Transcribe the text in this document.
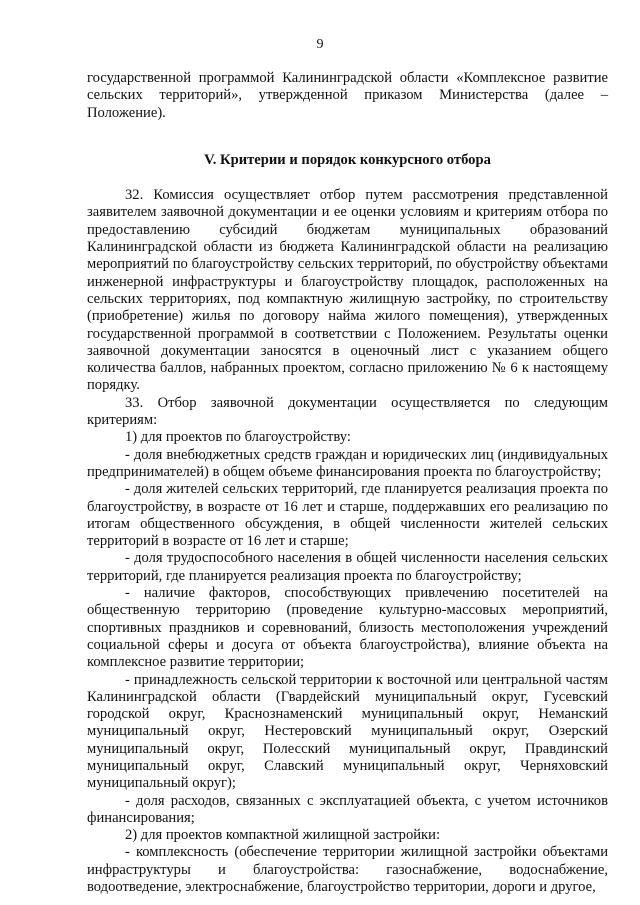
9

государственной программой Калининградской области «Комплексное развитие сельских территорий», утвержденной приказом Министерства (далее – Положение).

V. Критерии и порядок конкурсного отбора

32. Комиссия осуществляет отбор путем рассмотрения представленной заявителем заявочной документации и ее оценки условиям и критериям отбора по предоставлению субсидий бюджетам муниципальных образований Калининградской области из бюджета Калининградской области на реализацию мероприятий по благоустройству сельских территорий, по обустройству объектами инженерной инфраструктуры и благоустройству площадок, расположенных на сельских территориях, под компактную жилищную застройку, по строительству (приобретение) жилья по договору найма жилого помещения), утвержденных государственной программой в соответствии с Положением. Результаты оценки заявочной документации заносятся в оценочный лист с указанием общего количества баллов, набранных проектом, согласно приложению № 6 к настоящему порядку.

33. Отбор заявочной документации осуществляется по следующим критериям:

1) для проектов по благоустройству:

- доля внебюджетных средств граждан и юридических лиц (индивидуальных предпринимателей) в общем объеме финансирования проекта по благоустройству;

- доля жителей сельских территорий, где планируется реализация проекта по благоустройству, в возрасте от 16 лет и старше, поддержавших его реализацию по итогам общественного обсуждения, в общей численности жителей сельских территорий в возрасте от 16 лет и старше;

- доля трудоспособного населения в общей численности населения сельских территорий, где планируется реализация проекта по благоустройству;

- наличие факторов, способствующих привлечению посетителей на общественную территорию (проведение культурно-массовых мероприятий, спортивных праздников и соревнований, близость местоположения учреждений социальной сферы и досуга от объекта благоустройства), влияние объекта на комплексное развитие территории;

- принадлежность сельской территории к восточной или центральной частям Калининградской области (Гвардейский муниципальный округ, Гусевский городской округ, Краснознаменский муниципальный округ, Неманский муниципальный округ, Нестеровский муниципальный округ, Озерский муниципальный округ, Полесский муниципальный округ, Правдинский муниципальный округ, Славский муниципальный округ, Черняховский муниципальный округ);

- доля расходов, связанных с эксплуатацией объекта, с учетом источников финансирования;

2) для проектов компактной жилищной застройки:

- комплексность (обеспечение территории жилищной застройки объектами инфраструктуры и благоустройства: газоснабжение, водоснабжение, водоотведение, электроснабжение, благоустройство территории, дороги и другое,
